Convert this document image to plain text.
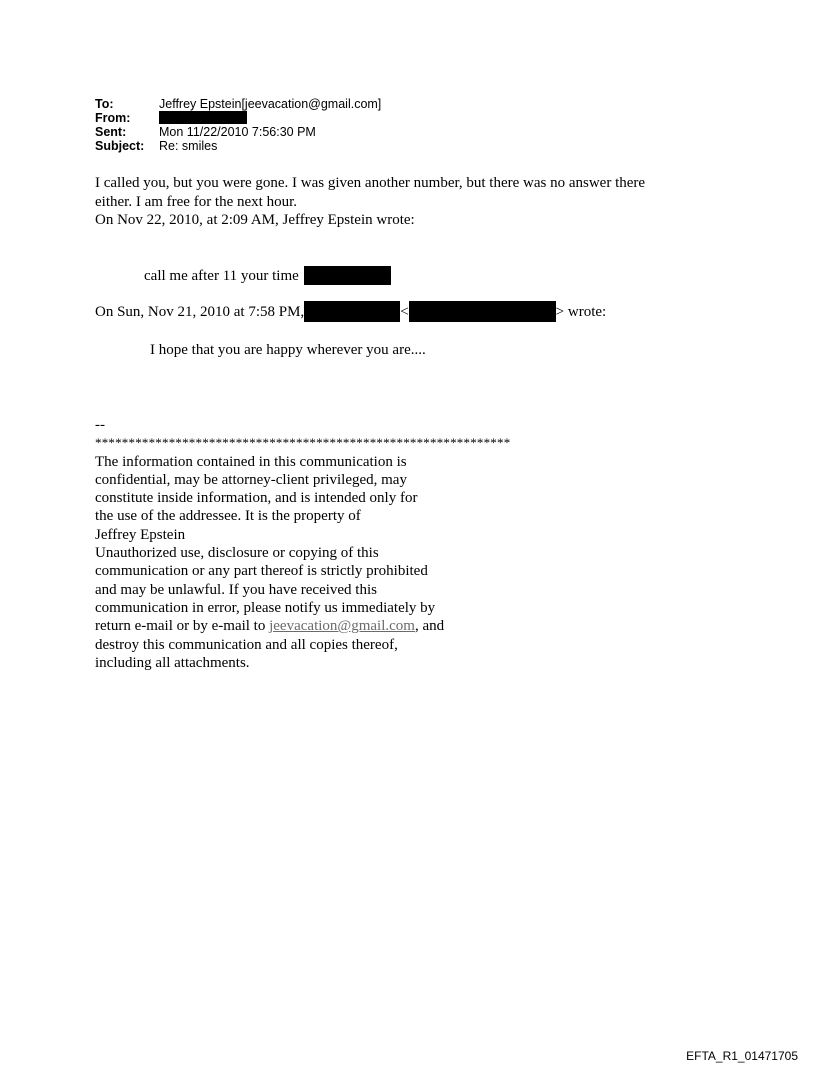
To:	Jeffrey Epstein[jeevacation@gmail.com]
From:
Sent:	Mon 11/22/2010 7:56:30 PM
Subject:	Re: smiles
I called you, but you were gone. I was given another number, but there was no answer there
either. I am free for the next hour.
On Nov 22, 2010, at 2:09 AM, Jeffrey Epstein wrote:
call me after 11 your time
On Sun, Nov 21, 2010 at 7:58 PM,	<	> wrote:
I hope that you are happy wherever you are....
--
**************************************************************
The information contained in this communication is
confidential, may be attorney-client privileged, may
constitute inside information, and is intended only for
the use of the addressee. It is the property of
Jeffrey Epstein
Unauthorized use, disclosure or copying of this
communication or any part thereof is strictly prohibited
and may be unlawful. If you have received this
communication in error, please notify us immediately by
return e-mail or by e-mail to jeevacation@gmail.com, and
destroy this communication and all copies thereof,
including all attachments.
EFTA_R1_01471705
